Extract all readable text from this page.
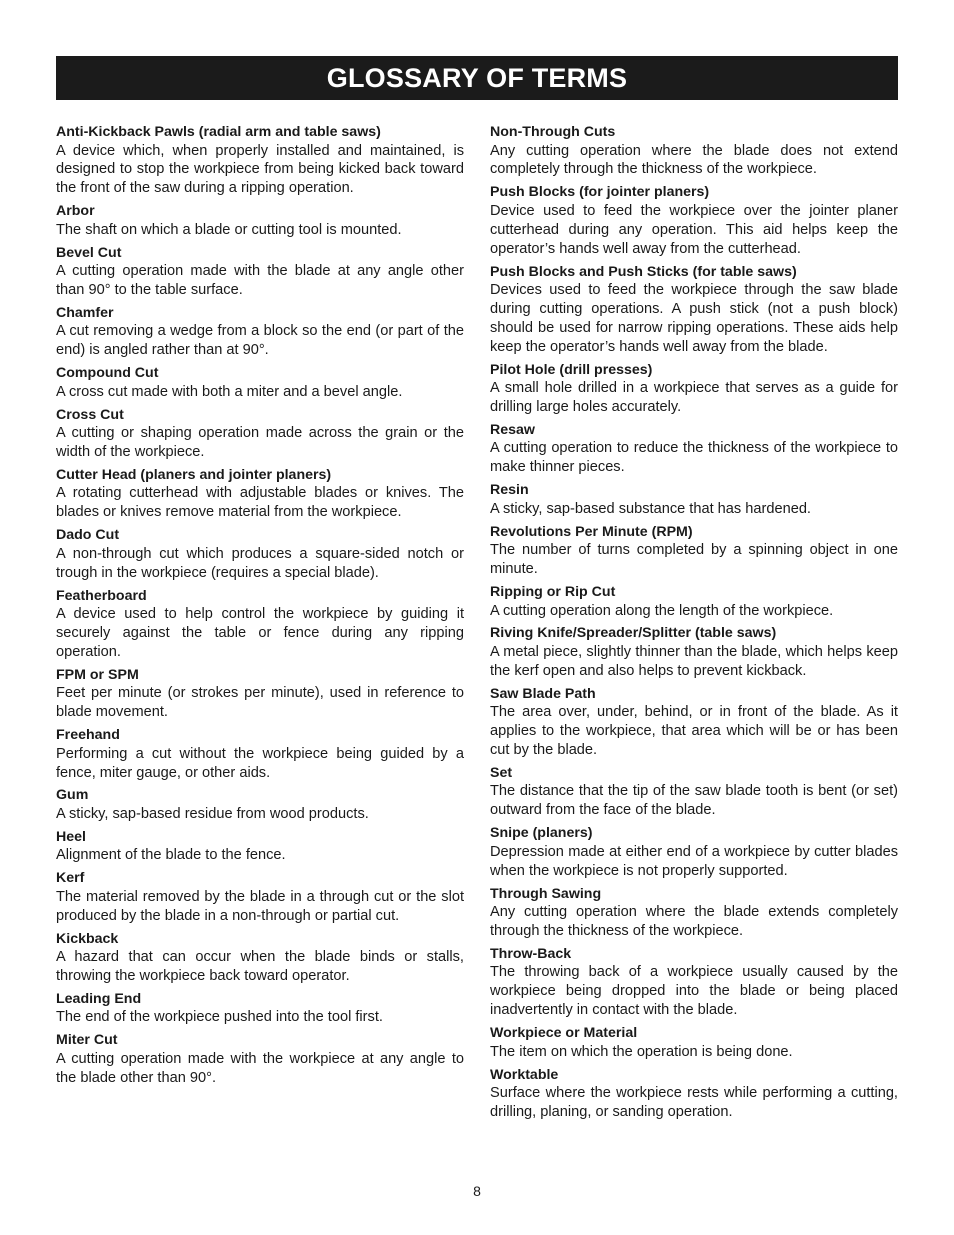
GLOSSARY OF TERMS
Anti-Kickback Pawls (radial arm and table saws)
A device which, when properly installed and maintained, is designed to stop the workpiece from being kicked back toward the front of the saw during a ripping operation.
Arbor
The shaft on which a blade or cutting tool is mounted.
Bevel Cut
A cutting operation made with the blade at any angle other than 90° to the table surface.
Chamfer
A cut removing a wedge from a block so the end (or part of the end) is angled rather than at 90°.
Compound Cut
A cross cut made with both a miter and a bevel angle.
Cross Cut
A cutting or shaping operation made across the grain or the width of the workpiece.
Cutter Head (planers and jointer planers)
A rotating cutterhead with adjustable blades or knives. The blades or knives remove material from the workpiece.
Dado Cut
A non-through cut which produces a square-sided notch or trough in the workpiece (requires a special blade).
Featherboard
A device used to help control the workpiece by guiding it securely against the table or fence during any ripping operation.
FPM or SPM
Feet per minute (or strokes per minute), used in reference to blade movement.
Freehand
Performing a cut without the workpiece being guided by a fence, miter gauge, or other aids.
Gum
A sticky, sap-based residue from wood products.
Heel
Alignment of the blade to the fence.
Kerf
The material removed by the blade in a through cut or the slot produced by the blade in a non-through or partial cut.
Kickback
A hazard that can occur when the blade binds or stalls, throwing the workpiece back toward operator.
Leading End
The end of the workpiece pushed into the tool first.
Miter Cut
A cutting operation made with the workpiece at any angle to the blade other than 90°.
Non-Through Cuts
Any cutting operation where the blade does not extend completely through the thickness of the workpiece.
Push Blocks (for jointer planers)
Device used to feed the workpiece over the jointer planer cutterhead during any operation. This aid helps keep the operator’s hands well away from the cutterhead.
Push Blocks and Push Sticks (for table saws)
Devices used to feed the workpiece through the saw blade during cutting operations. A push stick (not a push block) should be used for narrow ripping operations. These aids help keep the operator’s hands well away from the blade.
Pilot Hole (drill presses)
A small hole drilled in a workpiece that serves as a guide for drilling large holes accurately.
Resaw
A cutting operation to reduce the thickness of the workpiece to make thinner pieces.
Resin
A sticky, sap-based substance that has hardened.
Revolutions Per Minute (RPM)
The number of turns completed by a spinning object in one minute.
Ripping or Rip Cut
A cutting operation along the length of the workpiece.
Riving Knife/Spreader/Splitter (table saws)
A metal piece, slightly thinner than the blade, which helps keep the kerf open and also helps to prevent kickback.
Saw Blade Path
The area over, under, behind, or in front of the blade. As it applies to the workpiece, that area which will be or has been cut by the blade.
Set
The distance that the tip of the saw blade tooth is bent (or set) outward from the face of the blade.
Snipe (planers)
Depression made at either end of a workpiece by cutter blades when the workpiece is not properly supported.
Through Sawing
Any cutting operation where the blade extends completely through the thickness of the workpiece.
Throw-Back
The throwing back of a workpiece usually caused by the workpiece being dropped into the blade or being placed inadvertently in contact with the blade.
Workpiece or Material
The item on which the operation is being done.
Worktable
Surface where the workpiece rests while performing a cutting, drilling, planing, or sanding operation.
8
